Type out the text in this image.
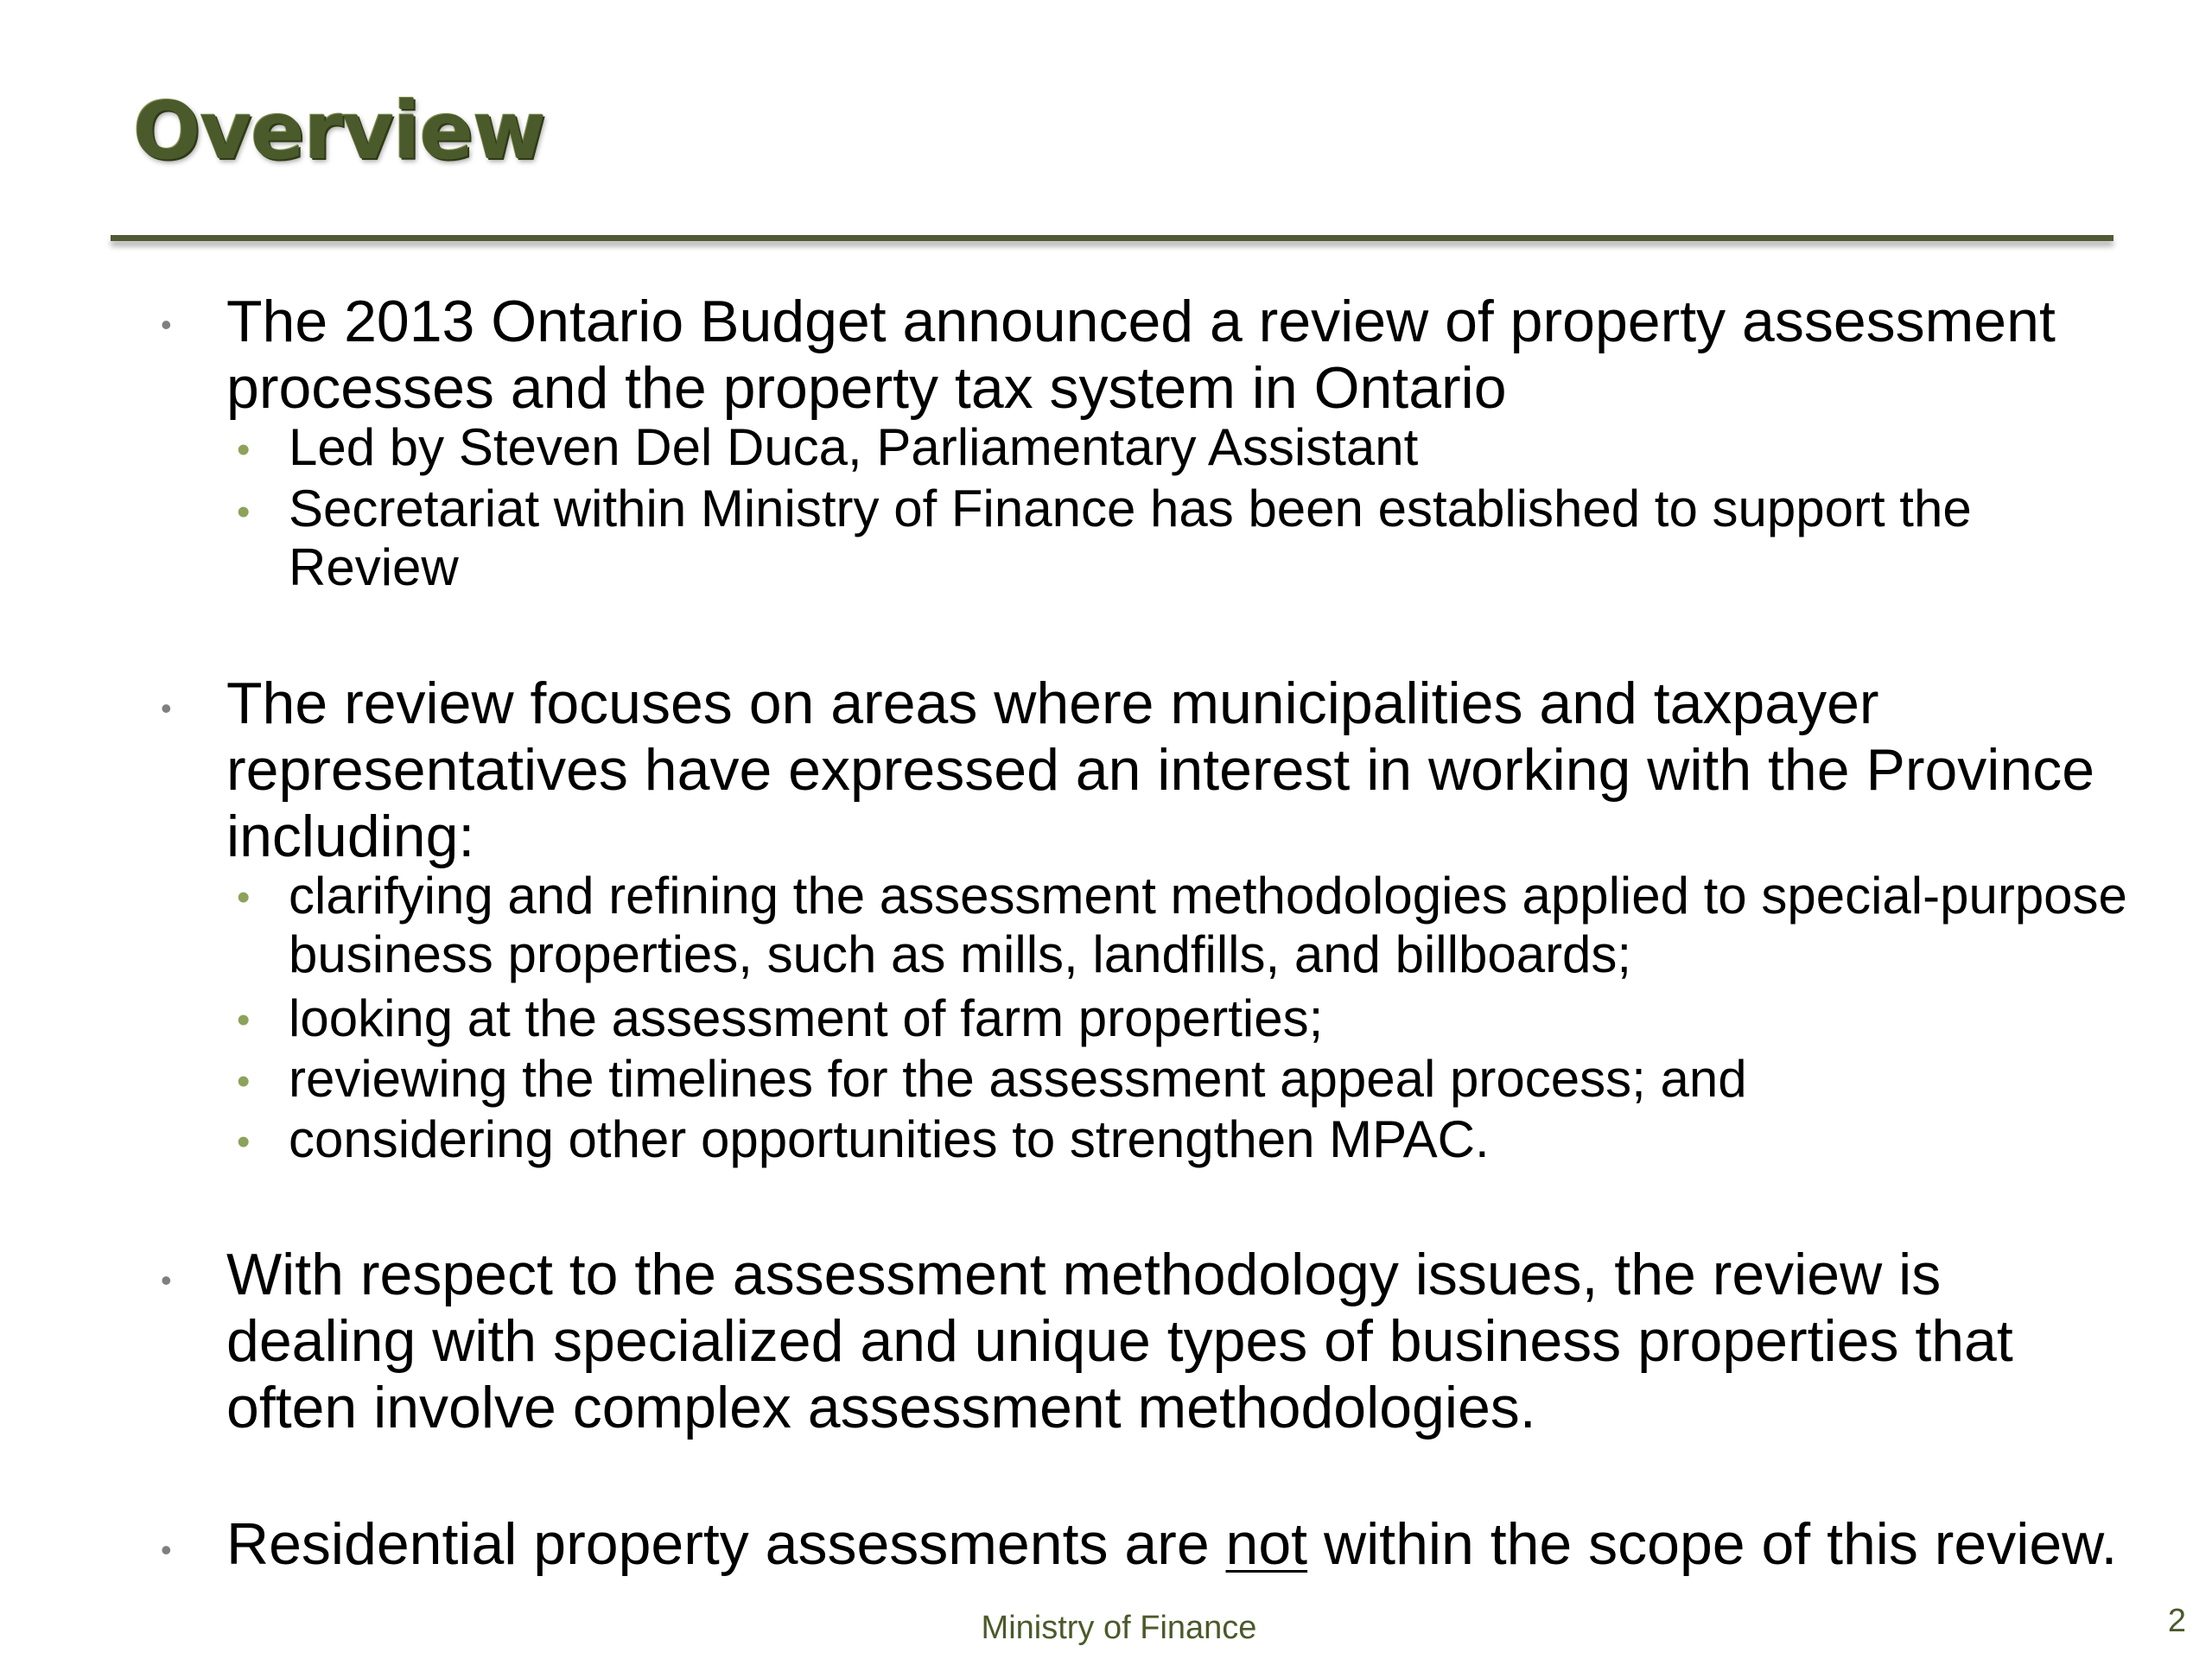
Overview
• The 2013 Ontario Budget announced a review of property assessment processes and the property tax system in Ontario

• Led by Steven Del Duca, Parliamentary Assistant

• Secretariat within Ministry of Finance has been established to support the Review

• The review focuses on areas where municipalities and taxpayer representatives have expressed an interest in working with the Province including:

• clarifying and refining the assessment methodologies applied to special-purpose business properties, such as mills, landfills, and billboards;

• looking at the assessment of farm properties;

• reviewing the timelines for the assessment appeal process; and

• considering other opportunities to strengthen MPAC.

• With respect to the assessment methodology issues, the review is dealing with specialized and unique types of business properties that often involve complex assessment methodologies.

• Residential property assessments are not within the scope of this review.

Ministry of Finance	2
